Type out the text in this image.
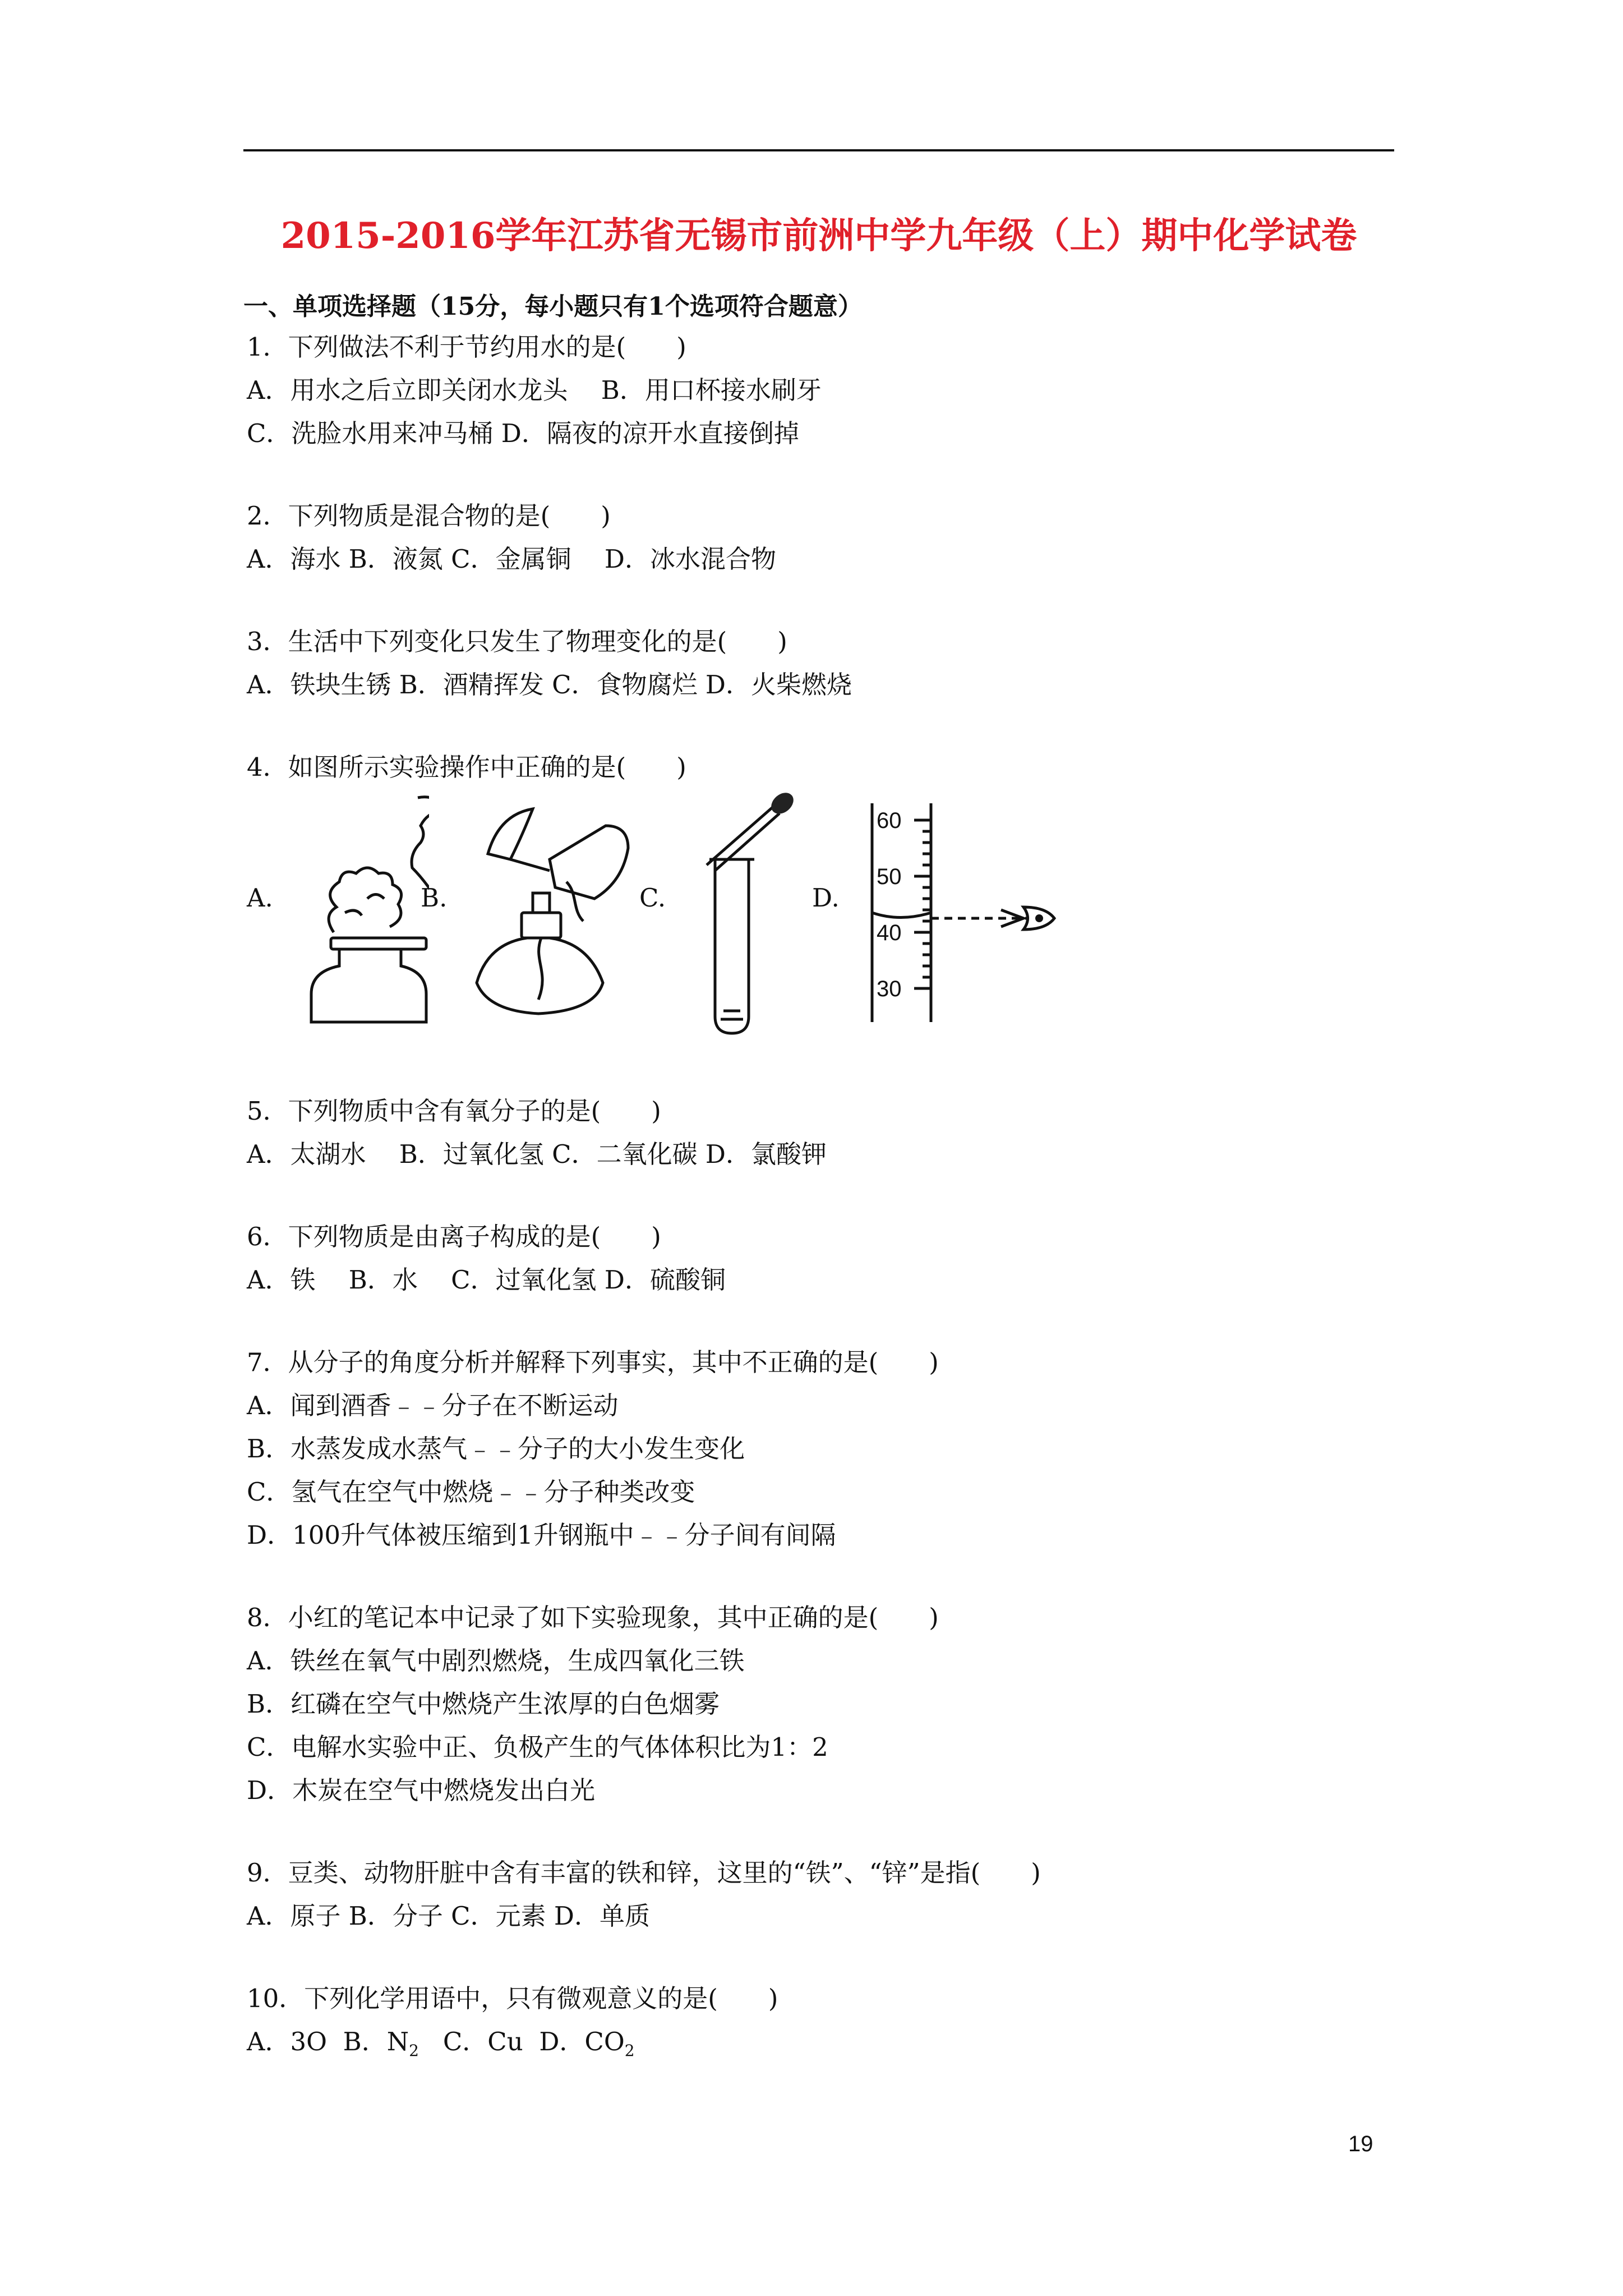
2015-2016学年江苏省无锡市前洲中学九年级（上）期中化学试卷
一、单项选择题（15分，每小题只有1个选项符合题意）
1．下列做法不利于节约用水的是(　　)
A．用水之后立即关闭水龙头　 B．用口杯接水刷牙
C．洗脸水用来冲马桶 D．隔夜的凉开水直接倒掉
2．下列物质是混合物的是(　　)
A．海水 B．液氮 C．金属铜　 D．冰水混合物
3．生活中下列变化只发生了物理变化的是(　　)
A．铁块生锈 B．酒精挥发 C．食物腐烂 D．火柴燃烧
4．如图所示实验操作中正确的是(　　)
A.	B.	C.	D.
60
50
40
30
5．下列物质中含有氧分子的是(　　)
A．太湖水　 B．过氧化氢 C．二氧化碳 D．氯酸钾
6．下列物质是由离子构成的是(　　)
A．铁　 B．水　 C．过氧化氢 D．硫酸铜
7．从分子的角度分析并解释下列事实，其中不正确的是(　　)
A．闻到酒香﹣﹣分子在不断运动
B．水蒸发成水蒸气﹣﹣分子的大小发生变化
C．氢气在空气中燃烧﹣﹣分子种类改变
D．100升气体被压缩到1升钢瓶中﹣﹣分子间有间隔
8．小红的笔记本中记录了如下实验现象，其中正确的是(　　)
A．铁丝在氧气中剧烈燃烧，生成四氧化三铁
B．红磷在空气中燃烧产生浓厚的白色烟雾
C．电解水实验中正、负极产生的气体体积比为1：2
D．木炭在空气中燃烧发出白光
9．豆类、动物肝脏中含有丰富的铁和锌，这里的“铁”、“锌”是指(　　)
A．原子 B．分子 C．元素 D．单质
10．下列化学用语中，只有微观意义的是(　　)
A．3O B．$N_2$ C．Cu D．$CO_2$
19
